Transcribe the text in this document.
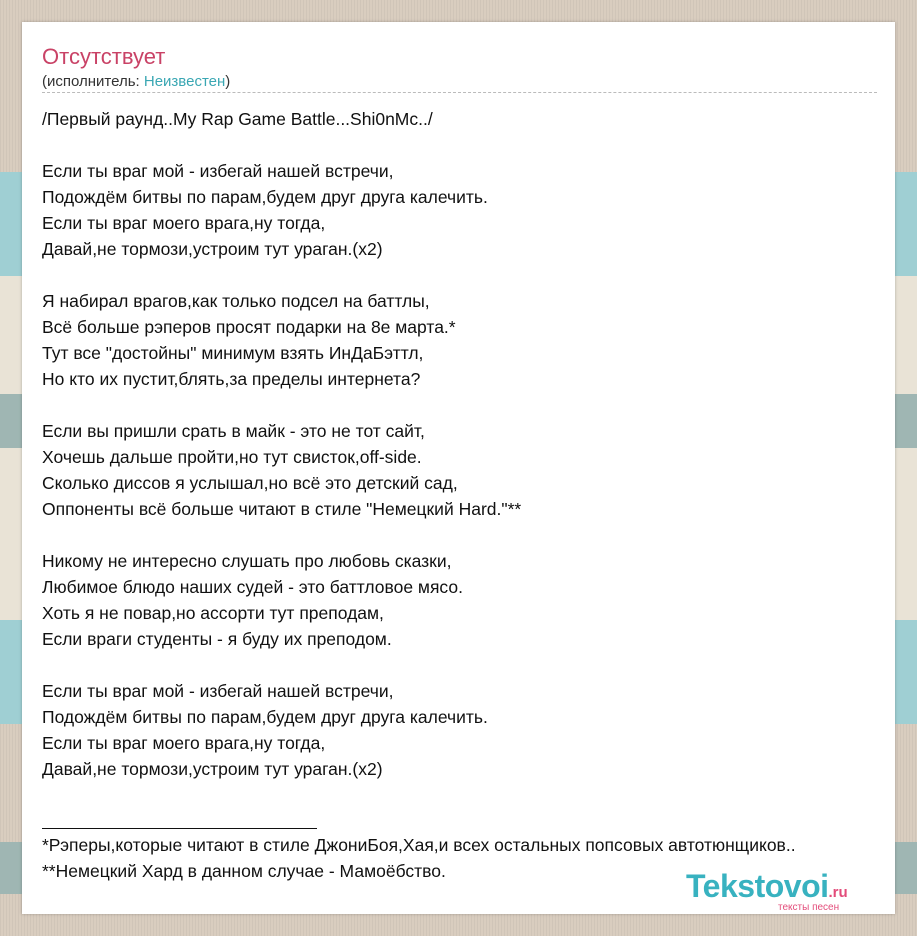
Отсутствует
(исполнитель: Неизвестен)
/Первый раунд..My Rap Game Battle...Shi0nMc../

Если ты враг мой - избегай нашей встречи,
Подождём битвы по парам,будем друг друга калечить.
Если ты враг моего врага,ну тогда,
Давай,не тормози,устроим тут ураган.(x2)

Я набирал врагов,как только подсел на баттлы,
Всё больше рэперов просят подарки на 8е марта.*
Тут все "достойны" минимум взять ИнДаБэттл,
Но кто их пустит,блять,за пределы интернета?

Если вы пришли срать в майк - это не тот сайт,
Хочешь дальше пройти,но тут свисток,off-side.
Сколько диссов я услышал,но всё это детский сад,
Оппоненты всё больше читают в стиле "Немецкий Hard."**

Никому не интересно слушать про любовь сказки,
Любимое блюдо наших судей - это баттловое мясо.
Хоть я не повар,но ассорти тут преподам,
Если враги студенты - я буду их преподом.

Если ты враг мой - избегай нашей встречи,
Подождём битвы по парам,будем друг друга калечить.
Если ты враг моего врага,ну тогда,
Давай,не тормози,устроим тут ураган.(x2)
*Рэперы,которые читают в стиле ДжониБоя,Хая,и всех остальных попсовых автотюнщиков..
**Немецкий Хард в данном случае - Мамоёбство.	Tekstovoi.ru
тексты песен
